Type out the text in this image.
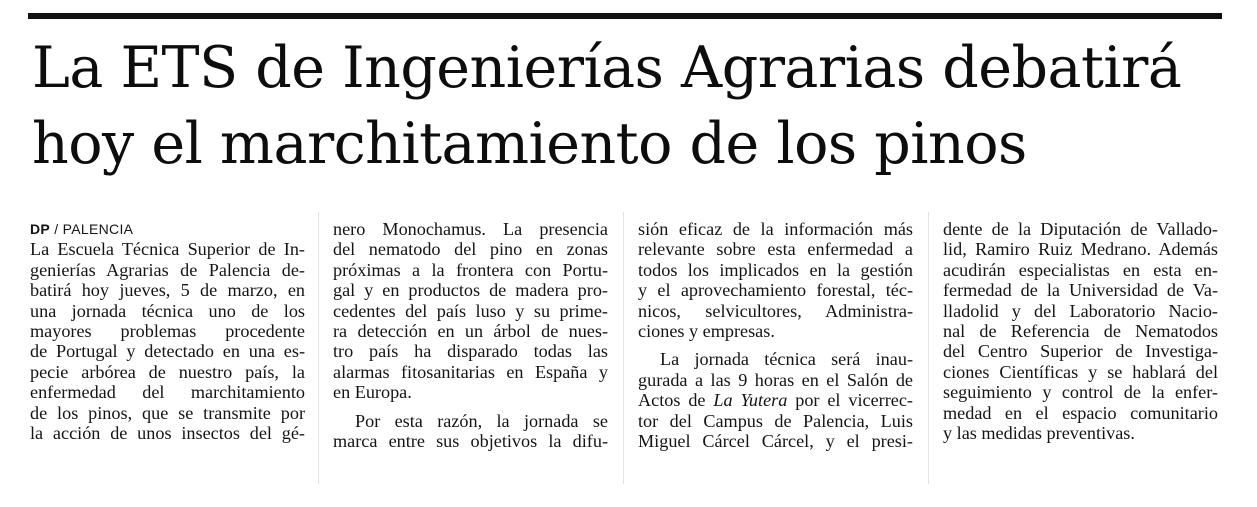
La ETS de Ingenierías Agrarias debatirá
hoy el marchitamiento de los pinos
DP / PALENCIA
La Escuela Técnica Superior de In-
genierías Agrarias de Palencia de-
batirá hoy jueves, 5 de marzo, en
una jornada técnica uno de los
mayores problemas procedente
de Portugal y detectado en una es-
pecie arbórea de nuestro país, la
enfermedad del marchitamiento
de los pinos, que se transmite por
la acción de unos insectos del gé-
nero Monochamus. La presencia
del nematodo del pino en zonas
próximas a la frontera con Portu-
gal y en productos de madera pro-
cedentes del país luso y su prime-
ra detección en un árbol de nues-
tro país ha disparado todas las
alarmas fitosanitarias en España y
en Europa.
Por esta razón, la jornada se
marca entre sus objetivos la difu-
sión eficaz de la información más
relevante sobre esta enfermedad a
todos los implicados en la gestión
y el aprovechamiento forestal, téc-
nicos, selvicultores, Administra-
ciones y empresas.
La jornada técnica será inau-
gurada a las 9 horas en el Salón de
Actos de La Yutera por el vicerrec-
tor del Campus de Palencia, Luis
Miguel Cárcel Cárcel, y el presi-
dente de la Diputación de Vallado-
lid, Ramiro Ruiz Medrano. Además
acudirán especialistas en esta en-
fermedad de la Universidad de Va-
lladolid y del Laboratorio Nacio-
nal de Referencia de Nematodos
del Centro Superior de Investiga-
ciones Científicas y se hablará del
seguimiento y control de la enfer-
medad en el espacio comunitario
y las medidas preventivas.
